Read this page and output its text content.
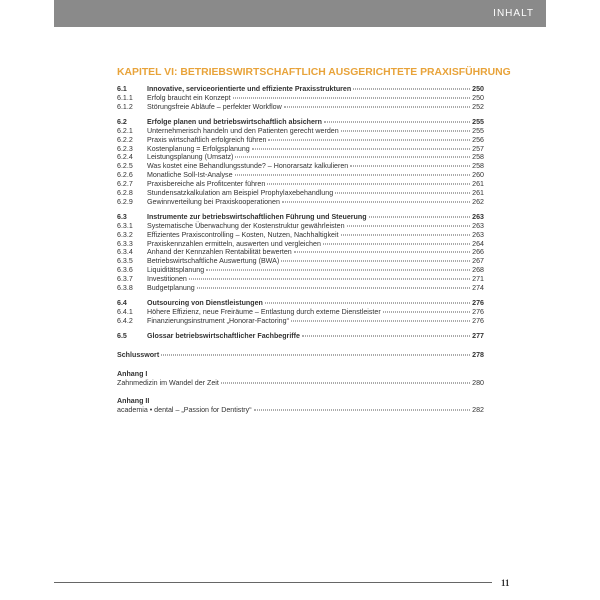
INHALT
KAPITEL VI: BETRIEBSWIRTSCHAFTLICH AUSGERICHTETE PRAXISFÜHRUNG
6.1	Innovative, serviceorientierte und effiziente Praxisstrukturen	250
6.1.1	Erfolg braucht ein Konzept	250
6.1.2	Störungsfreie Abläufe – perfekter Workflow	252
6.2	Erfolge planen und betriebswirtschaftlich absichern	255
6.2.1	Unternehmerisch handeln und den Patienten gerecht werden	255
6.2.2	Praxis wirtschaftlich erfolgreich führen	256
6.2.3	Kostenplanung = Erfolgsplanung	257
6.2.4	Leistungsplanung (Umsatz)	258
6.2.5	Was kostet eine Behandlungsstunde? – Honorarsatz kalkulieren	258
6.2.6	Monatliche Soll-Ist-Analyse	260
6.2.7	Praxisbereiche als Profitcenter führen	261
6.2.8	Stundensatzkalkulation am Beispiel Prophylaxebehandlung	261
6.2.9	Gewinnverteilung bei Praxiskooperationen	262
6.3	Instrumente zur betriebswirtschaftlichen Führung und Steuerung	263
6.3.1	Systematische Überwachung der Kostenstruktur gewährleisten	263
6.3.2	Effizientes Praxiscontrolling – Kosten, Nutzen, Nachhaltigkeit	263
6.3.3	Praxiskennzahlen ermitteln, auswerten und vergleichen	264
6.3.4	Anhand der Kennzahlen Rentabilität bewerten	266
6.3.5	Betriebswirtschaftliche Auswertung (BWA)	267
6.3.6	Liquiditätsplanung	268
6.3.7	Investitionen	271
6.3.8	Budgetplanung	274
6.4	Outsourcing von Dienstleistungen	276
6.4.1	Höhere Effizienz, neue Freiräume – Entlastung durch externe Dienstleister	276
6.4.2	Finanzierungsinstrument „Honorar-Factoring“	276
6.5	Glossar betriebswirtschaftlicher Fachbegriffe	277
Schlusswort	278
Anhang I
Zahnmedizin im Wandel der Zeit	280
Anhang II
academia • dental – „Passion for Dentistry“	282
11
